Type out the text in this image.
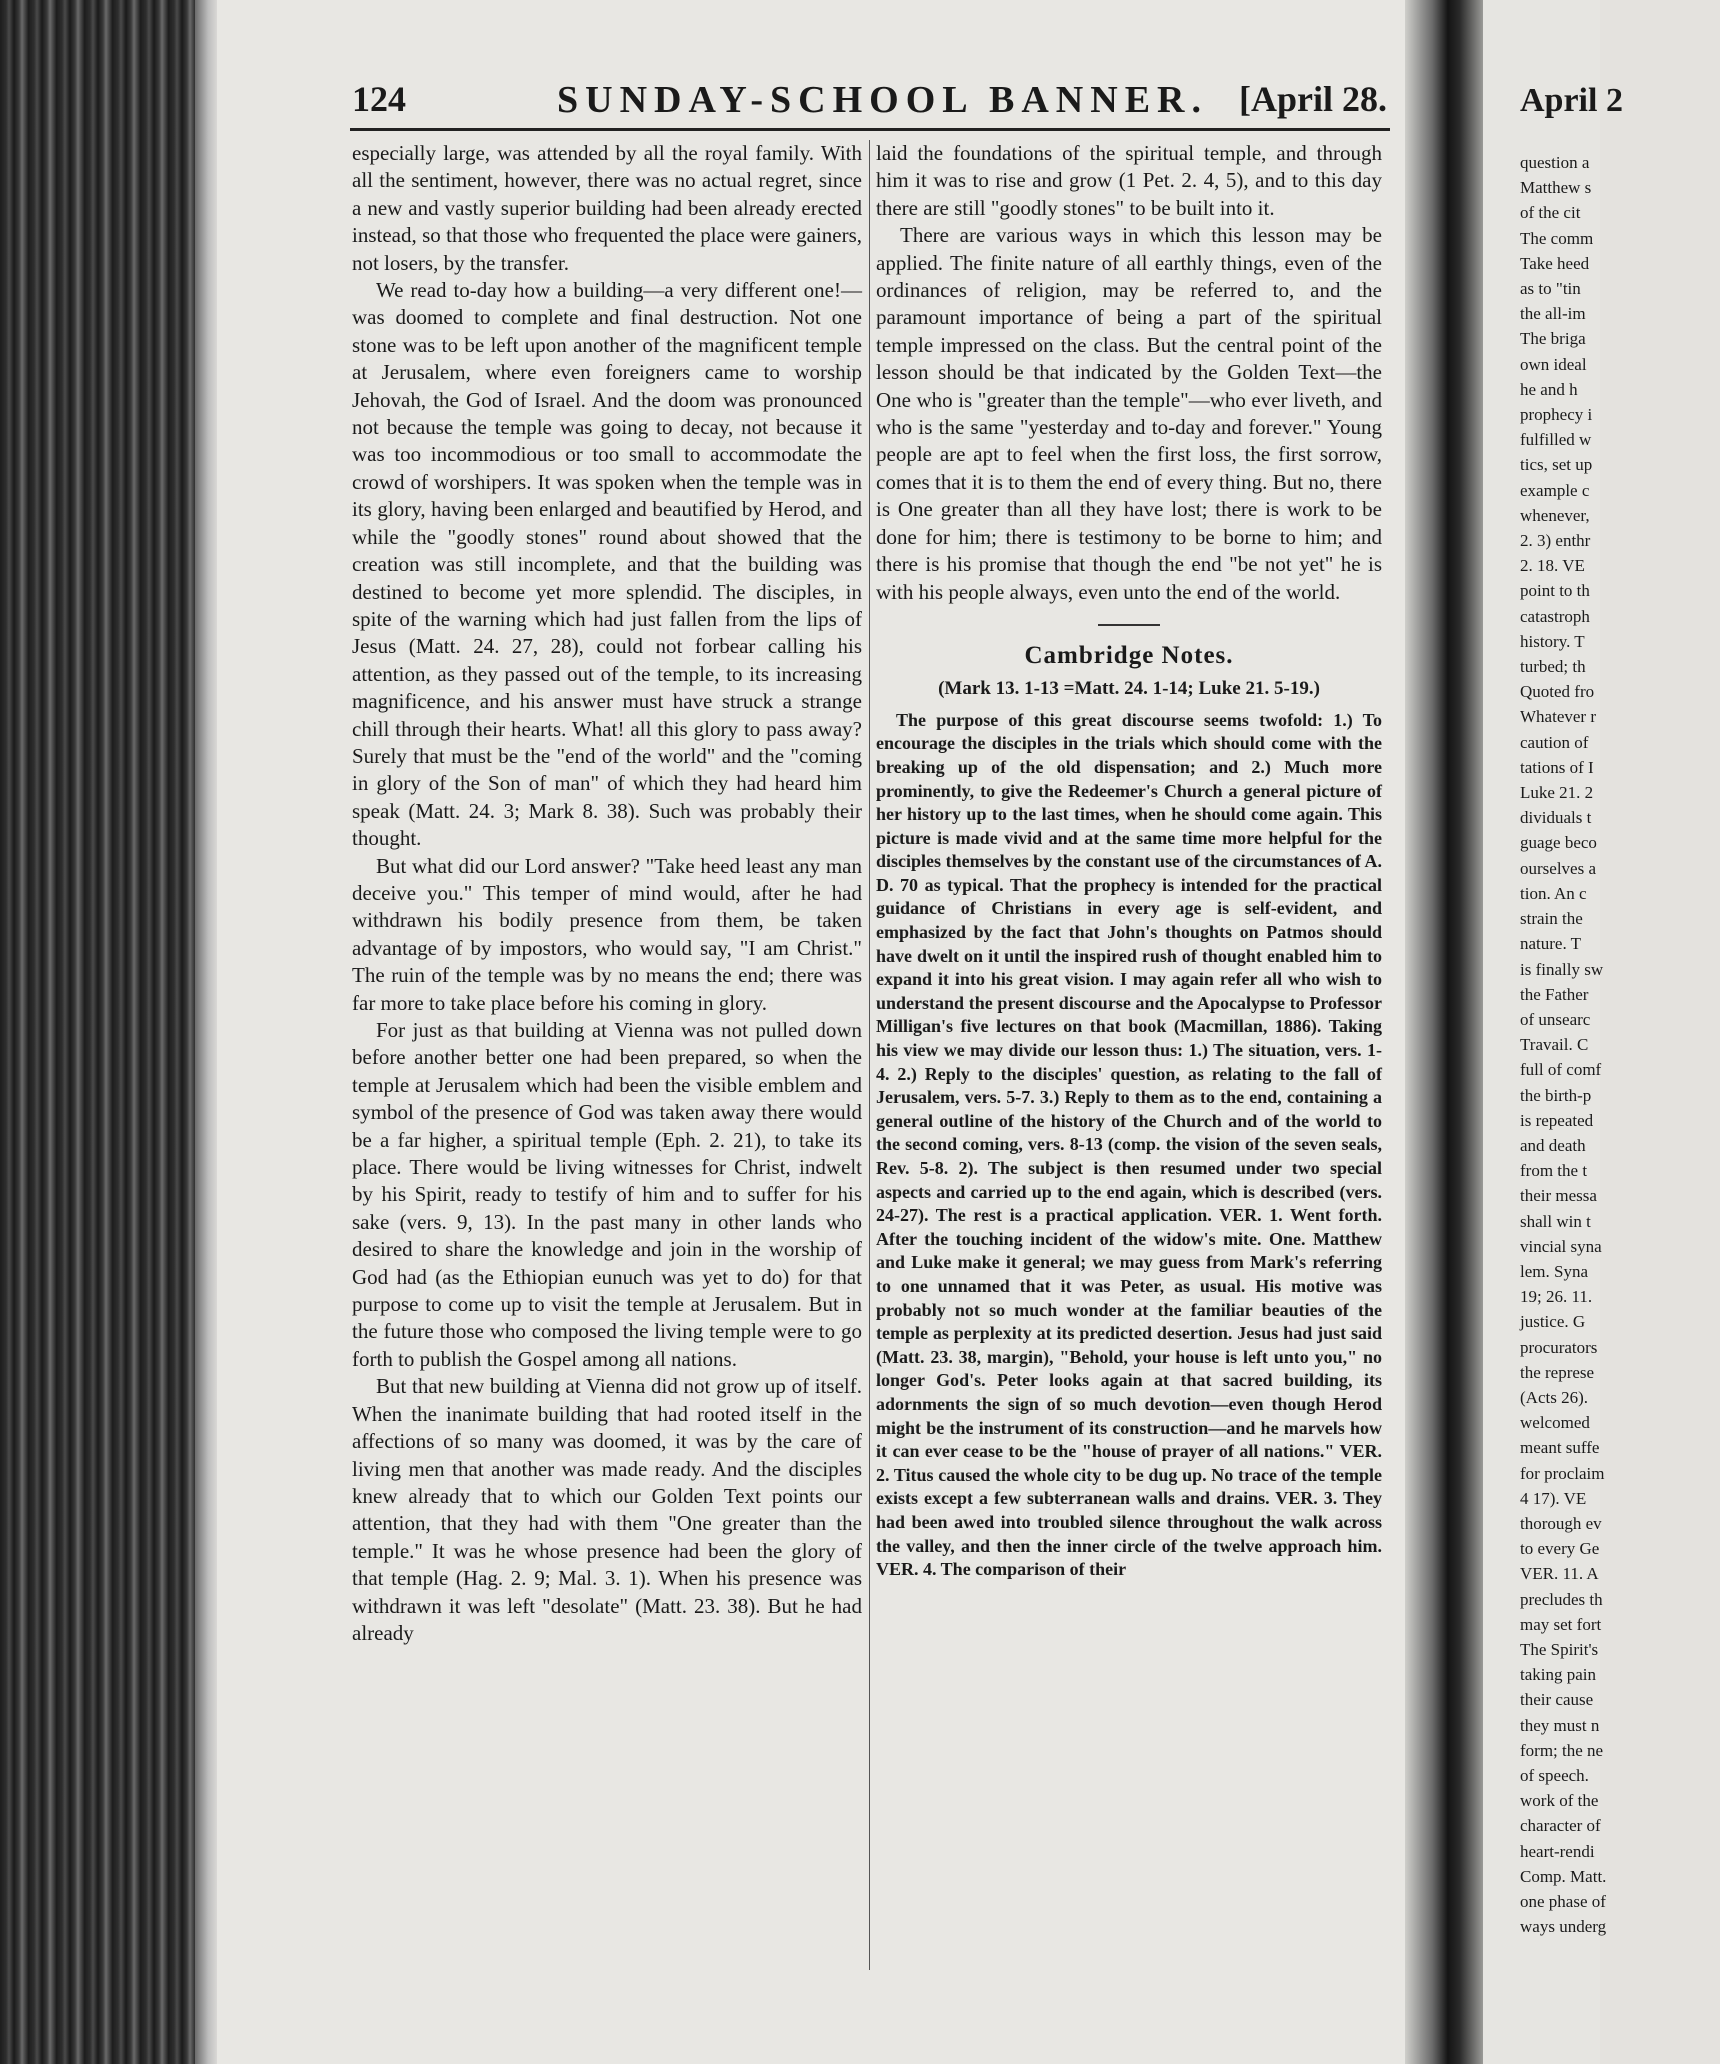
124	SUNDAY-SCHOOL BANNER. [April 28.

especially large, was attended by all the royal family. With all the sentiment, however, there was no actual regret, since a new and vastly superior building had been already erected instead, so that those who frequented the place were gainers, not losers, by the transfer.

We read to-day how a building—a very different one!—was doomed to complete and final destruction. Not one stone was to be left upon another of the magnificent temple at Jerusalem, where even foreigners came to worship Jehovah, the God of Israel. And the doom was pronounced not because the temple was going to decay, not because it was too incommodious or too small to accommodate the crowd of worshipers. It was spoken when the temple was in its glory, having been enlarged and beautified by Herod, and while the "goodly stones" round about showed that the creation was still incomplete, and that the building was destined to become yet more splendid. The disciples, in spite of the warning which had just fallen from the lips of Jesus (Matt. 24. 27, 28), could not forbear calling his attention, as they passed out of the temple, to its increasing magnificence, and his answer must have struck a strange chill through their hearts. What! all this glory to pass away? Surely that must be the "end of the world" and the "coming in glory of the Son of man" of which they had heard him speak (Matt. 24. 3; Mark 8. 38). Such was probably their thought.

But what did our Lord answer? "Take heed least any man deceive you." This temper of mind would, after he had withdrawn his bodily presence from them, be taken advantage of by impostors, who would say, "I am Christ." The ruin of the temple was by no means the end; there was far more to take place before his coming in glory.

For just as that building at Vienna was not pulled down before another better one had been prepared, so when the temple at Jerusalem which had been the visible emblem and symbol of the presence of God was taken away there would be a far higher, a spiritual temple (Eph. 2. 21), to take its place. There would be living witnesses for Christ, indwelt by his Spirit, ready to testify of him and to suffer for his sake (vers. 9, 13). In the past many in other lands who desired to share the knowledge and join in the worship of God had (as the Ethiopian eunuch was yet to do) for that purpose to come up to visit the temple at Jerusalem. But in the future those who composed the living temple were to go forth to publish the Gospel among all nations.

But that new building at Vienna did not grow up of itself. When the inanimate building that had rooted itself in the affections of so many was doomed, it was by the care of living men that another was made ready. And the disciples knew already that to which our Golden Text points our attention, that they had with them "One greater than the temple." It was he whose presence had been the glory of that temple (Hag. 2. 9; Mal. 3. 1). When his presence was withdrawn it was left "desolate" (Matt. 23. 38). But he had already

laid the foundations of the spiritual temple, and through him it was to rise and grow (1 Pet. 2. 4, 5), and to this day there are still "goodly stones" to be built into it.

There are various ways in which this lesson may be applied. The finite nature of all earthly things, even of the ordinances of religion, may be referred to, and the paramount importance of being a part of the spiritual temple impressed on the class. But the central point of the lesson should be that indicated by the Golden Text—the One who is "greater than the temple"—who ever liveth, and who is the same "yesterday and to-day and forever." Young people are apt to feel when the first loss, the first sorrow, comes that it is to them the end of every thing. But no, there is One greater than all they have lost; there is work to be done for him; there is testimony to be borne to him; and there is his promise that though the end "be not yet" he is with his people always, even unto the end of the world.

Cambridge Notes.
(Mark 13. 1-13 =Matt. 24. 1-14; Luke 21. 5-19.)

The purpose of this great discourse seems twofold: 1.) To encourage the disciples in the trials which should come with the breaking up of the old dispensation; and 2.) Much more prominently, to give the Redeemer's Church a general picture of her history up to the last times, when he should come again. This picture is made vivid and at the same time more helpful for the disciples themselves by the constant use of the circumstances of A. D. 70 as typical. That the prophecy is intended for the practical guidance of Christians in every age is self-evident, and emphasized by the fact that John's thoughts on Patmos should have dwelt on it until the inspired rush of thought enabled him to expand it into his great vision. I may again refer all who wish to understand the present discourse and the Apocalypse to Professor Milligan's five lectures on that book (Macmillan, 1886). Taking his view we may divide our lesson thus: 1.) The situation, vers. 1-4. 2.) Reply to the disciples' question, as relating to the fall of Jerusalem, vers. 5-7. 3.) Reply to them as to the end, containing a general outline of the history of the Church and of the world to the second coming, vers. 8-13 (comp. the vision of the seven seals, Rev. 5-8. 2). The subject is then resumed under two special aspects and carried up to the end again, which is described (vers. 24-27). The rest is a practical application. VER. 1. Went forth. After the touching incident of the widow's mite. One. Matthew and Luke make it general; we may guess from Mark's referring to one unnamed that it was Peter, as usual. His motive was probably not so much wonder at the familiar beauties of the temple as perplexity at its predicted desertion. Jesus had just said (Matt. 23. 38, margin), "Behold, your house is left unto you," no longer God's. Peter looks again at that sacred building, its adornments the sign of so much devotion—even though Herod might be the instrument of its construction—and he marvels how it can ever cease to be the "house of prayer of all nations." VER. 2. Titus caused the whole city to be dug up. No trace of the temple exists except a few subterranean walls and drains. VER. 3. They had been awed into troubled silence throughout the walk across the valley, and then the inner circle of the twelve approach him. VER. 4. The comparison of their

April 2
question a
Matthew s
of the cit
The comm
Take heed
as to "tin
the all-im
The briga
own ideal
he and h
prophecy i
fulfilled w
tics, set up
example c
whenever,
2. 3) enthr
2. 18. VE
point to th
catastroph
history. T
turbed; th
Quoted fro
Whatever r
caution of
tations of I
Luke 21. 2
dividuals t
guage beco
ourselves a
tion. An c
strain the
nature. T
is finally sw
the Father
of unsearc
Travail. C
full of comf
the birth-p
is repeated
and death
from the t
their messa
shall win t
vincial syna
lem. Syna
19; 26. 11.
justice. G
procurators
the represe
(Acts 26).
welcomed
meant suffe
for proclaim
4 17). VE
thorough ev
to every Ge
VER. 11. A
precludes th
may set fort
The Spirit's
taking pain
their cause
they must n
form; the ne
of speech.
work of the
character of
heart-rendi
Comp. Matt.
one phase of
ways underg
